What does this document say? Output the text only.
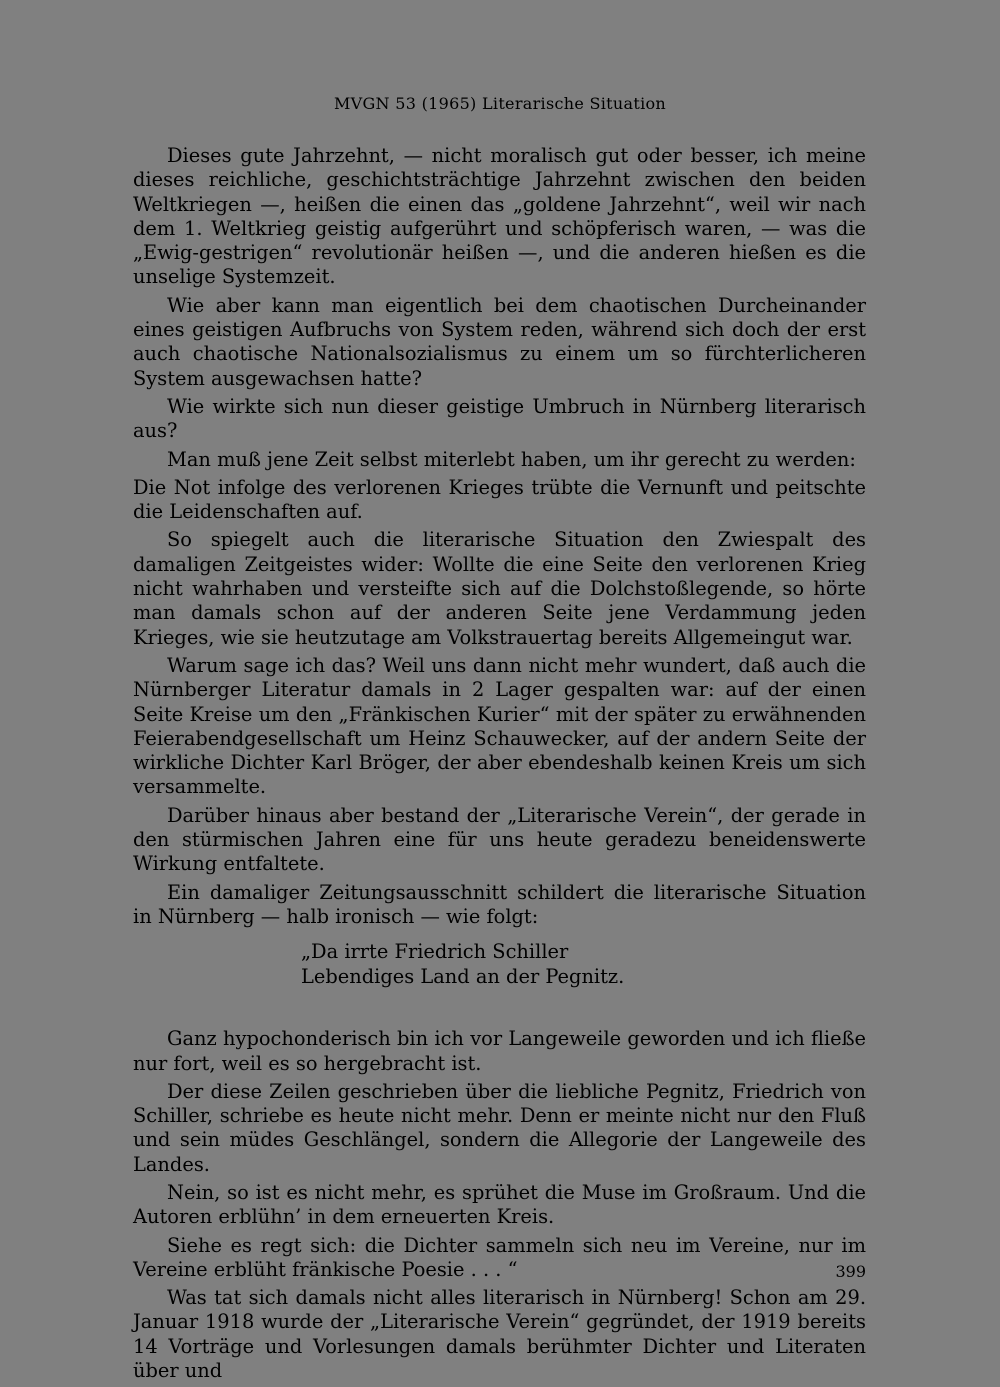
MVGN 53 (1965) Literarische Situation

Dieses gute Jahrzehnt, — nicht moralisch gut oder besser, ich meine dieses reichliche, geschichtsträchtige Jahrzehnt zwischen den beiden Weltkriegen —, heißen die einen das „goldene Jahrzehnt“, weil wir nach dem 1. Weltkrieg geistig aufgerührt und schöpferisch waren, — was die „Ewig-gestrigen“ revolutionär heißen —, und die anderen hießen es die unselige Systemzeit.

Wie aber kann man eigentlich bei dem chaotischen Durcheinander eines geistigen Aufbruchs von System reden, während sich doch der erst auch chaotische Nationalsozialismus zu einem um so fürchterlicheren System ausgewachsen hatte?

Wie wirkte sich nun dieser geistige Umbruch in Nürnberg literarisch aus?

Man muß jene Zeit selbst miterlebt haben, um ihr gerecht zu werden:

Die Not infolge des verlorenen Krieges trübte die Vernunft und peitschte die Leidenschaften auf.

So spiegelt auch die literarische Situation den Zwiespalt des damaligen Zeitgeistes wider: Wollte die eine Seite den verlorenen Krieg nicht wahrhaben und versteifte sich auf die Dolchstoßlegende, so hörte man damals schon auf der anderen Seite jene Verdammung jeden Krieges, wie sie heutzutage am Volkstrauertag bereits Allgemeingut war.

Warum sage ich das? Weil uns dann nicht mehr wundert, daß auch die Nürnberger Literatur damals in 2 Lager gespalten war: auf der einen Seite Kreise um den „Fränkischen Kurier“ mit der später zu erwähnenden Feierabendgesellschaft um Heinz Schauwecker, auf der andern Seite der wirkliche Dichter Karl Bröger, der aber ebendeshalb keinen Kreis um sich versammelte.

Darüber hinaus aber bestand der „Literarische Verein“, der gerade in den stürmischen Jahren eine für uns heute geradezu beneidenswerte Wirkung entfaltete.

Ein damaliger Zeitungsausschnitt schildert die literarische Situation in Nürnberg — halb ironisch — wie folgt:

„Da irrte Friedrich Schiller
Lebendiges Land an der Pegnitz.

Ganz hypochonderisch bin ich vor Langeweile geworden und ich fließe nur fort, weil es so hergebracht ist.

Der diese Zeilen geschrieben über die liebliche Pegnitz, Friedrich von Schiller, schriebe es heute nicht mehr. Denn er meinte nicht nur den Fluß und sein müdes Geschlängel, sondern die Allegorie der Langeweile des Landes.

Nein, so ist es nicht mehr, es sprühet die Muse im Großraum. Und die Autoren erblühn’ in dem erneuerten Kreis.

Siehe es regt sich: die Dichter sammeln sich neu im Vereine, nur im Vereine erblüht fränkische Poesie . . . “

Was tat sich damals nicht alles literarisch in Nürnberg! Schon am 29. Januar 1918 wurde der „Literarische Verein“ gegründet, der 1919 bereits 14 Vorträge und Vorlesungen damals berühmter Dichter und Literaten über und

399
